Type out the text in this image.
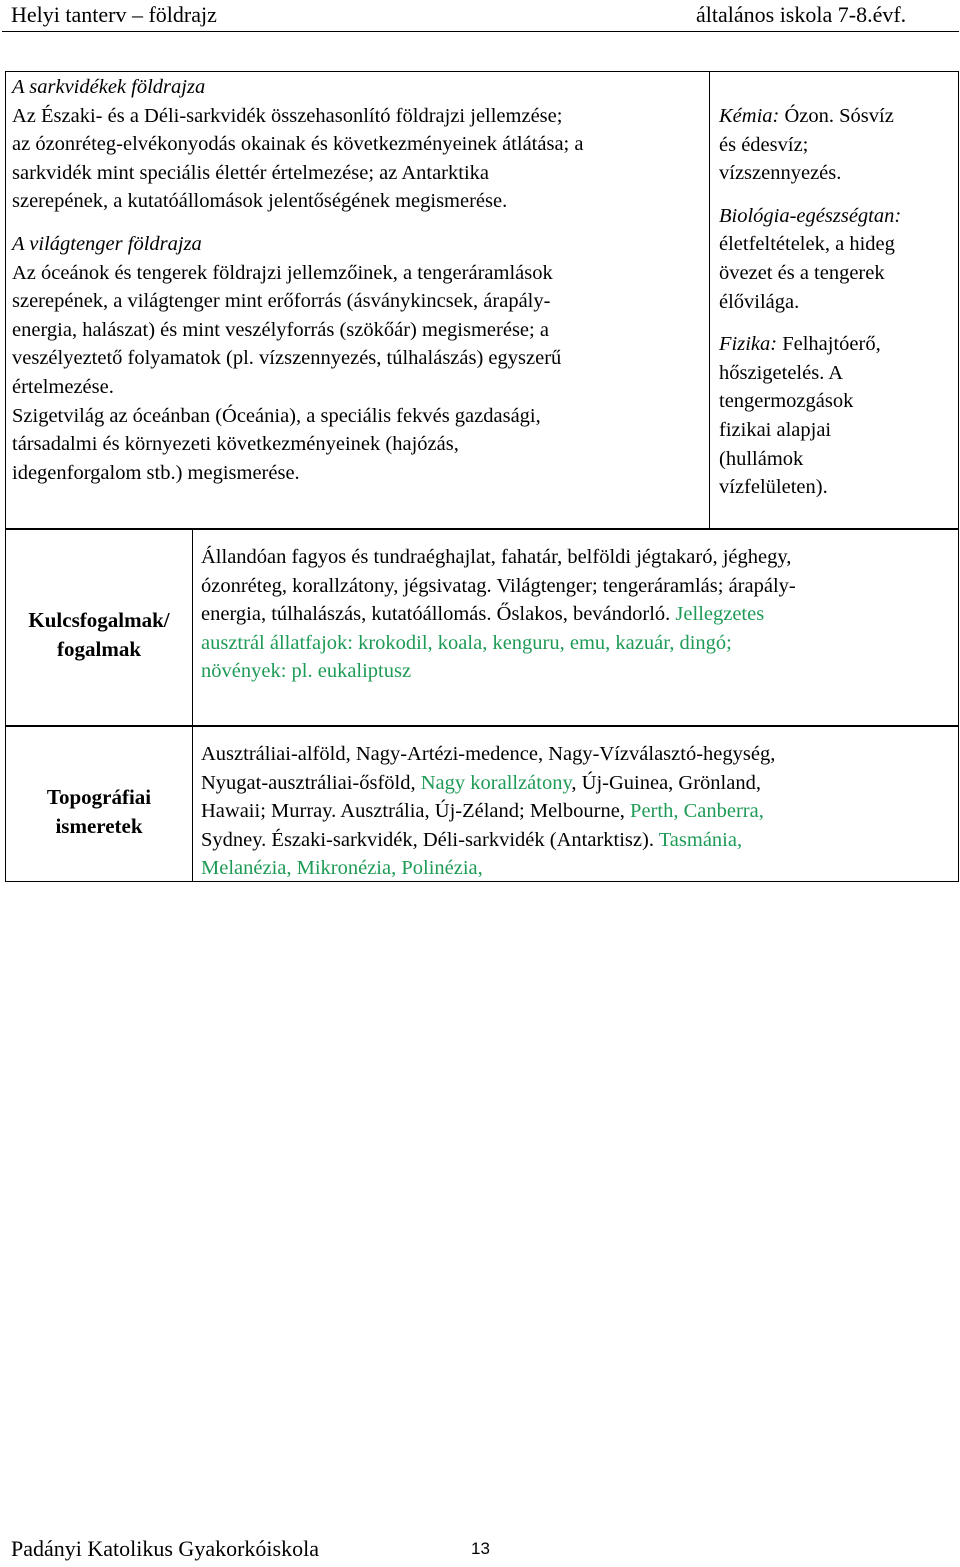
Helyi tanterv – földrajz	általános iskola 7-8.évf.

A sarkvidékek földrajza

Az Északi- és a Déli-sarkvidék összehasonlító földrajzi jellemzése;

az ózonréteg-elvékonyodás okainak és következményeinek átlátása; a

sarkvidék mint speciális élettér értelmezése; az Antarktika

szerepének, a kutatóállomások jelentőségének megismerése.

A világtenger földrajza

Az óceánok és tengerek földrajzi jellemzőinek, a tengeráramlások

szerepének, a világtenger mint erőforrás (ásványkincsek, árapály-

energia, halászat) és mint veszélyforrás (szökőár) megismerése; a

veszélyeztető folyamatok (pl. vízszennyezés, túlhalászás) egyszerű

értelmezése.

Szigetvilág az óceánban (Óceánia), a speciális fekvés gazdasági,

társadalmi és környezeti következményeinek (hajózás,

idegenforgalom stb.) megismerése.

Kémia: Ózon. Sósvíz

és édesvíz;

vízszennyezés.

Biológia-egészségtan:

életfeltételek, a hideg

övezet és a tengerek

élővilága.

Fizika: Felhajtóerő,

hőszigetelés. A

tengermozgások

fizikai alapjai

(hullámok

vízfelületen).

Kulcsfogalmak/
fogalmak

Állandóan fagyos és tundraéghajlat, fahatár, belföldi jégtakaró, jéghegy,

ózonréteg, korallzátony, jégsivatag. Világtenger; tengeráramlás; árapály-

energia, túlhalászás, kutatóállomás. Őslakos, bevándorló. Jellegzetes

ausztrál állatfajok: krokodil, koala, kenguru, emu, kazuár, dingó;

növények: pl. eukaliptusz

Topográfiai
ismeretek

Ausztráliai-alföld, Nagy-Artézi-medence, Nagy-Vízválasztó-hegység,

Nyugat-ausztráliai-ősföld, Nagy korallzátony, Új-Guinea, Grönland,

Hawaii; Murray. Ausztrália, Új-Zéland; Melbourne, Perth, Canberra,

Sydney. Északi-sarkvidék, Déli-sarkvidék (Antarktisz). Tasmánia,

Melanézia, Mikronézia, Polinézia,

Padányi Katolikus Gyakorkóiskola	13
